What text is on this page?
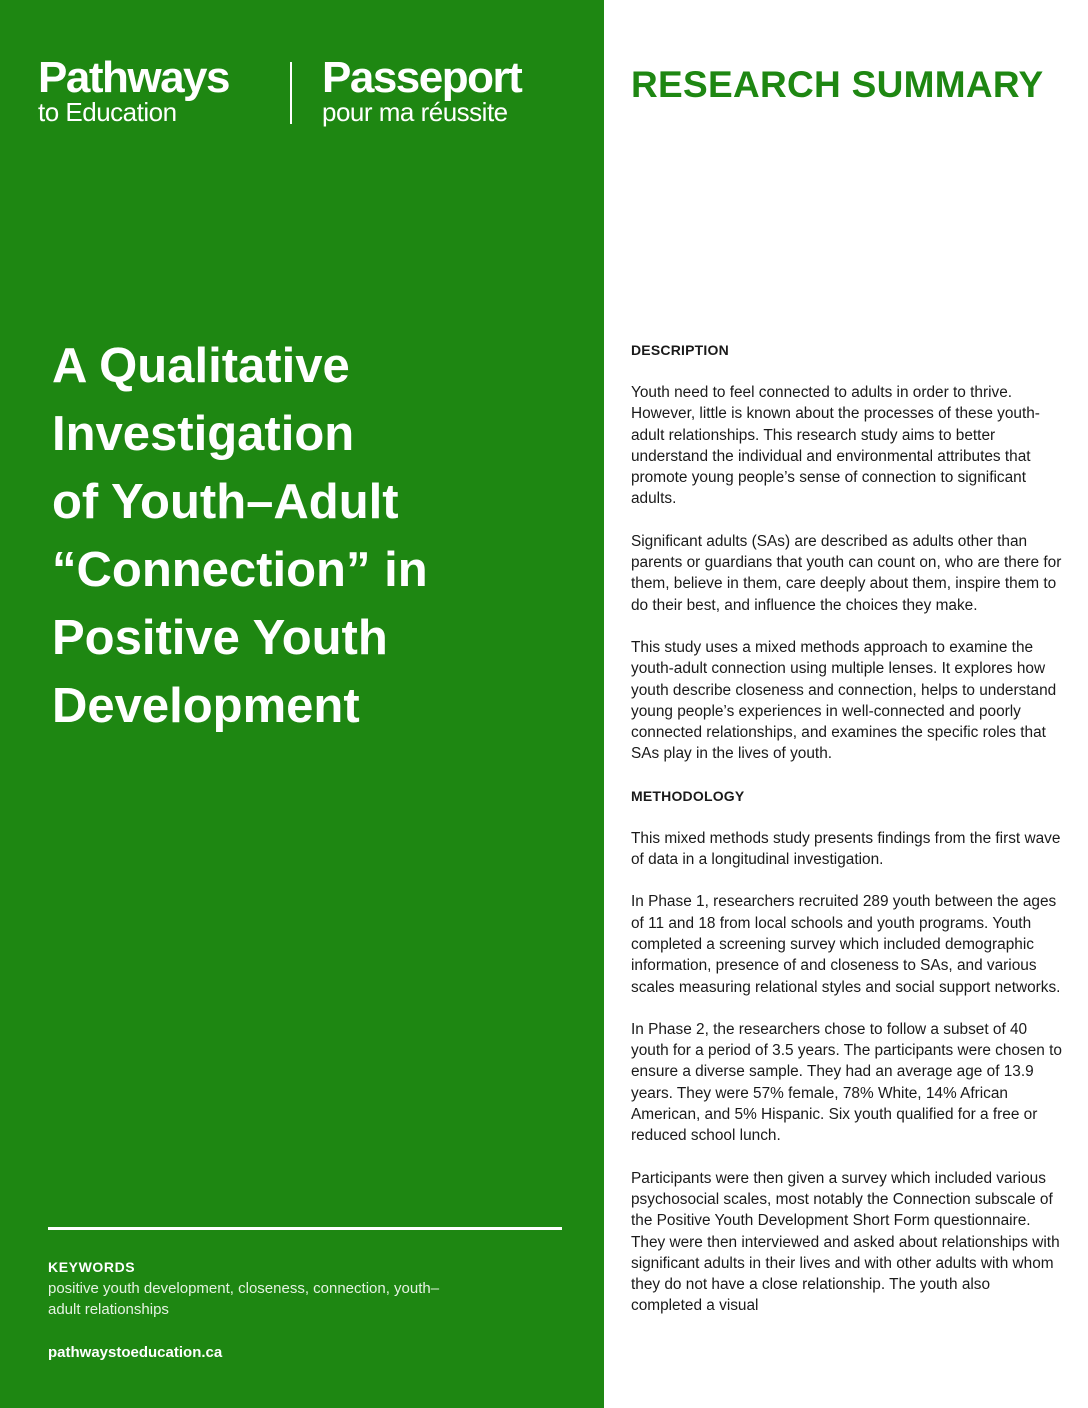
Pathways
to Education
Passeport
pour ma réussite
A Qualitative
Investigation
of Youth–Adult
“Connection” in
Positive Youth
Development
KEYWORDS
positive youth development, closeness, connection, youth–adult relationships
pathwaystoeducation.ca
RESEARCH SUMMARY
DESCRIPTION

Youth need to feel connected to adults in order to thrive. However, little is known about the processes of these youth-adult relationships. This research study aims to better understand the individual and environmental attributes that promote young people’s sense of connection to significant adults.

Significant adults (SAs) are described as adults other than parents or guardians that youth can count on, who are there for them, believe in them, care deeply about them, inspire them to do their best, and influence the choices they make.

This study uses a mixed methods approach to examine the youth-adult connection using multiple lenses. It explores how youth describe closeness and connection, helps to understand young people’s experiences in well-connected and poorly connected relationships, and examines the specific roles that SAs play in the lives of youth.

METHODOLOGY

This mixed methods study presents findings from the first wave of data in a longitudinal investigation.

In Phase 1, researchers recruited 289 youth between the ages of 11 and 18 from local schools and youth programs. Youth completed a screening survey which included demographic information, presence of and closeness to SAs, and various scales measuring relational styles and social support networks.

In Phase 2, the researchers chose to follow a subset of 40 youth for a period of 3.5 years. The participants were chosen to ensure a diverse sample. They had an average age of 13.9 years. They were 57% female, 78% White, 14% African American, and 5% Hispanic. Six youth qualified for a free or reduced school lunch.

Participants were then given a survey which included various psychosocial scales, most notably the Connection subscale of the Positive Youth Development Short Form questionnaire. They were then interviewed and asked about relationships with significant adults in their lives and with other adults with whom they do not have a close relationship. The youth also completed a visual
